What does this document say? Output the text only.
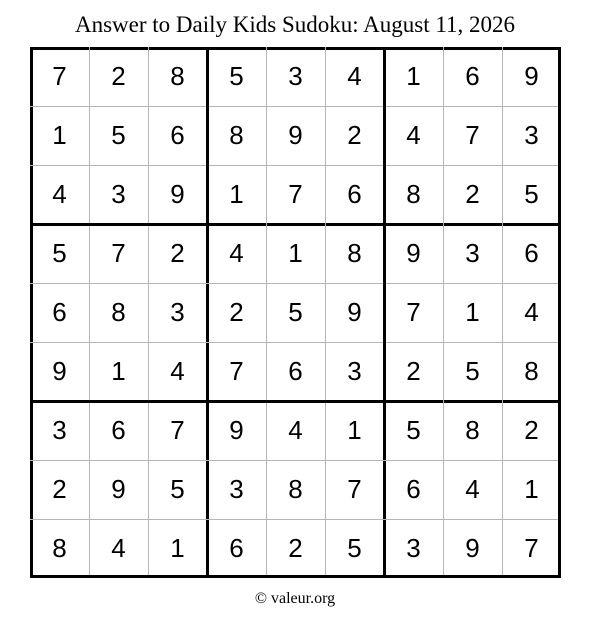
Answer to Daily Kids Sudoku: August 11, 2026
7	2	8	5	3	4	1	6	9
1	5	6	8	9	2	4	7	3
4	3	9	1	7	6	8	2	5
5	7	2	4	1	8	9	3	6
6	8	3	2	5	9	7	1	4
9	1	4	7	6	3	2	5	8
3	6	7	9	4	1	5	8	2
2	9	5	3	8	7	6	4	1
8	4	1	6	2	5	3	9	7
© valeur.org
